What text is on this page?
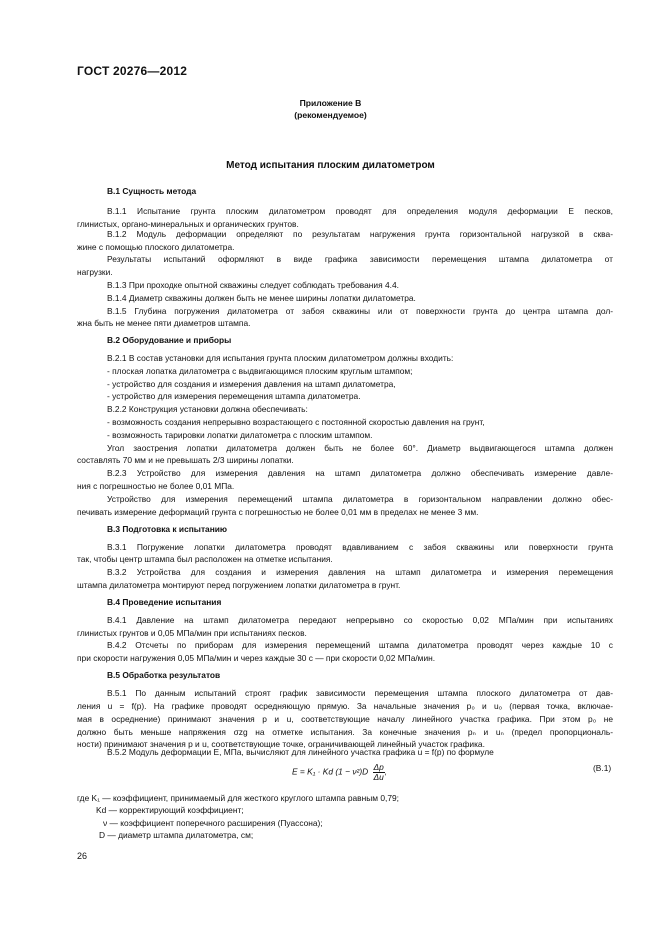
ГОСТ 20276—2012
Приложение В
(рекомендуемое)
Метод испытания плоским дилатометром
В.1 Сущность метода
В.1.1 Испытание грунта плоским дилатометром проводят для определения модуля деформации E песков,
глинистых, органо-минеральных и органических грунтов.
В.1.2 Модуль деформации определяют по результатам нагружения грунта горизонтальной нагрузкой в сква-
жине с помощью плоского дилатометра.
Результаты испытаний оформляют в виде графика зависимости перемещения штампа дилатометра от
нагрузки.
В.1.3 При проходке опытной скважины следует соблюдать требования 4.4.
В.1.4 Диаметр скважины должен быть не менее ширины лопатки дилатометра.
В.1.5 Глубина погружения дилатометра от забоя скважины или от поверхности грунта до центра штампа дол-
жна быть не менее пяти диаметров штампа.
В.2 Оборудование и приборы
В.2.1 В состав установки для испытания грунта плоским дилатометром должны входить:
- плоская лопатка дилатометра с выдвигающимся плоским круглым штампом;
- устройство для создания и измерения давления на штамп дилатометра,
- устройство для измерения перемещения штампа дилатометра.
В.2.2 Конструкция установки должна обеспечивать:
- возможность создания непрерывно возрастающего с постоянной скоростью давления на грунт,
- возможность тарировки лопатки дилатометра с плоским штампом.
Угол заострения лопатки дилатометра должен быть не более 60°. Диаметр выдвигающегося штампа должен
составлять 70 мм и не превышать 2/3 ширины лопатки.
В.2.3 Устройство для измерения давления на штамп дилатометра должно обеспечивать измерение давле-
ния с погрешностью не более 0,01 МПа.
Устройство для измерения перемещений штампа дилатометра в горизонтальном направлении должно обес-
печивать измерение деформаций грунта с погрешностью не более 0,01 мм в пределах не менее 3 мм.
В.3 Подготовка к испытанию
В.3.1 Погружение лопатки дилатометра проводят вдавливанием с забоя скважины или поверхности грунта
так, чтобы центр штампа был расположен на отметке испытания.
В.3.2 Устройства для создания и измерения давления на штамп дилатометра и измерения перемещения
штампа дилатометра монтируют перед погружением лопатки дилатометра в грунт.
В.4 Проведение испытания
В.4.1 Давление на штамп дилатометра передают непрерывно со скоростью 0,02 МПа/мин при испытаниях
глинистых грунтов и 0,05 МПа/мин при испытаниях песков.
В.4.2 Отсчеты по приборам для измерения перемещений штампа дилатометра проводят через каждые 10 с
при скорости нагружения 0,05 МПа/мин и через каждые 30 с — при скорости 0,02 МПа/мин.
В.5 Обработка результатов
В.5.1 По данным испытаний строят график зависимости перемещения штампа плоского дилатометра от дав-
ления u = f(p). На графике проводят осредняющую прямую. За начальные значения p₀ и u₀ (первая точка, включае-
мая в осреднение) принимают значения p и u, соответствующие началу линейного участка графика. При этом p₀ не
должно быть меньше напряжения σzg на отметке испытания. За конечные значения pₙ и uₙ (предел пропорциональ-
ности) принимают значения p и u, соответствующие точке, ограничивающей линейный участок графика.
В.5.2 Модуль деформации E, МПа, вычисляют для линейного участка графика u = f(p) по формуле
E = K₁ · Kd $(1 - \nu^2)D \frac{\Delta p}{\Delta u}$ ,	(В.1)
где K₁ — коэффициент, принимаемый для жесткого круглого штампа равным 0,79;
Kd — корректирующий коэффициент;
ν — коэффициент поперечного расширения (Пуассона);
D — диаметр штампа дилатометра, см;
26
